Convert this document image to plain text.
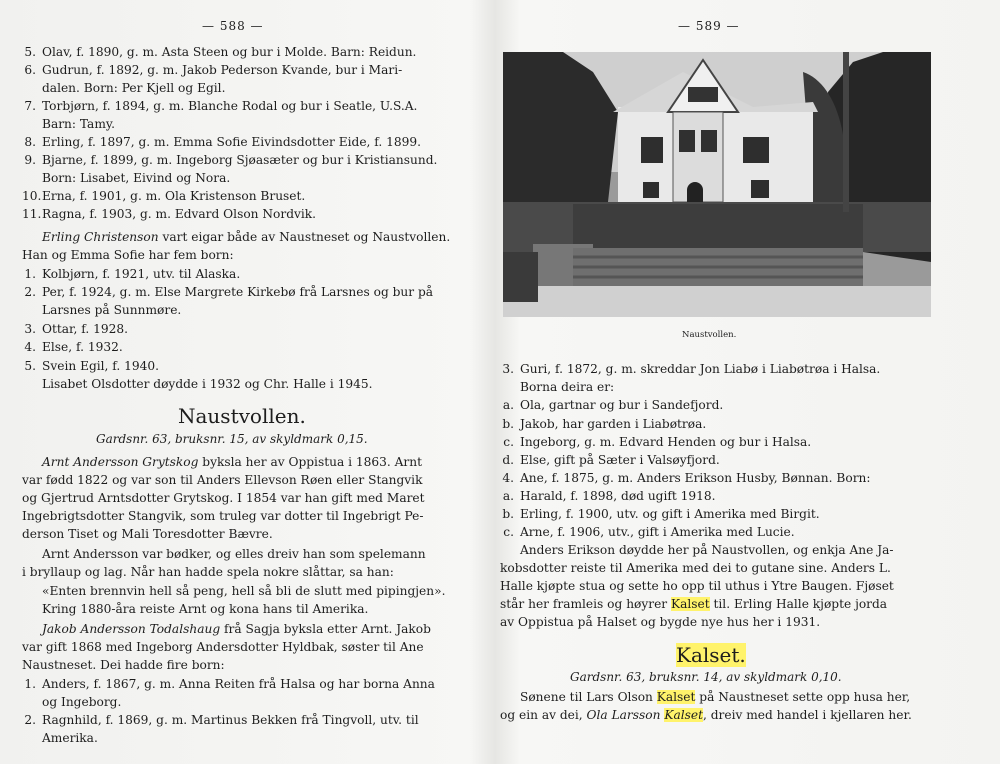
— 588 —
5. Olav, f. 1890, g. m. Asta Steen og bur i Molde. Barn: Reidun.
6. Gudrun, f. 1892, g. m. Jakob Pederson Kvande, bur i Mari-
dalen. Born: Per Kjell og Egil.
7. Torbjørn, f. 1894, g. m. Blanche Rodal og bur i Seatle, U.S.A.
Barn: Tamy.
8. Erling, f. 1897, g. m. Emma Sofie Eivindsdotter Eide, f. 1899.
9. Bjarne, f. 1899, g. m. Ingeborg Sjøasæter og bur i Kristiansund.
Born: Lisabet, Eivind og Nora.
10.Erna, f. 1901, g. m. Ola Kristenson Bruset.
11.Ragna, f. 1903, g. m. Edvard Olson Nordvik.
Erling Christenson vart eigar både av Naustneset og Naustvollen.
Han og Emma Sofie har fem born:
1. Kolbjørn, f. 1921, utv. til Alaska.
2. Per, f. 1924, g. m. Else Margrete Kirkebø frå Larsnes og bur på
Larsnes på Sunnmøre.
3. Ottar, f. 1928.
4. Else, f. 1932.
5. Svein Egil, f. 1940.
Lisabet Olsdotter døydde i 1932 og Chr. Halle i 1945.
Naustvollen.
Gardsnr. 63, bruksnr. 15, av skyldmark 0,15.
Arnt Andersson Grytskog byksla her av Oppistua i 1863. Arnt
var fødd 1822 og var son til Anders Ellevson Røen eller Stangvik
og Gjertrud Arntsdotter Grytskog. I 1854 var han gift med Maret
Ingebrigtsdotter Stangvik, som truleg var dotter til Ingebrigt Pe-
derson Tiset og Mali Toresdotter Bævre.
Arnt Andersson var bødker, og elles dreiv han som spelemann
i bryllaup og lag. Når han hadde spela nokre slåttar, sa han:
«Enten brennvin hell så peng, hell så bli de slutt med pipingjen».
Kring 1880-åra reiste Arnt og kona hans til Amerika.
Jakob Andersson Todalshaug frå Sagja byksla etter Arnt. Jakob
var gift 1868 med Ingeborg Andersdotter Hyldbak, søster til Ane
Naustneset. Dei hadde fire born:
1. Anders, f. 1867, g. m. Anna Reiten frå Halsa og har borna Anna
og Ingeborg.
2. Ragnhild, f. 1869, g. m. Martinus Bekken frå Tingvoll, utv. til
Amerika.
— 589 —
Naustvollen.
3. Guri, f. 1872, g. m. skreddar Jon Liabø i Liabøtrøa i Halsa.
Borna deira er:
a. Ola, gartnar og bur i Sandefjord.
b. Jakob, har garden i Liabøtrøa.
c. Ingeborg, g. m. Edvard Henden og bur i Halsa.
d. Else, gift på Sæter i Valsøyfjord.
4. Ane, f. 1875, g. m. Anders Erikson Husby, Bønnan. Born:
a. Harald, f. 1898, død ugift 1918.
b. Erling, f. 1900, utv. og gift i Amerika med Birgit.
c. Arne, f. 1906, utv., gift i Amerika med Lucie.
Anders Erikson døydde her på Naustvollen, og enkja Ane Ja-
kobsdotter reiste til Amerika med dei to gutane sine. Anders L.
Halle kjøpte stua og sette ho opp til uthus i Ytre Baugen. Fjøset
står her framleis og høyrer Kalset til. Erling Halle kjøpte jorda
av Oppistua på Halset og bygde nye hus her i 1931.
Kalset.
Gardsnr. 63, bruksnr. 14, av skyldmark 0,10.
Sønene til Lars Olson Kalset på Naustneset sette opp husa her,
og ein av dei, Ola Larsson Kalset, dreiv med handel i kjellaren her.
